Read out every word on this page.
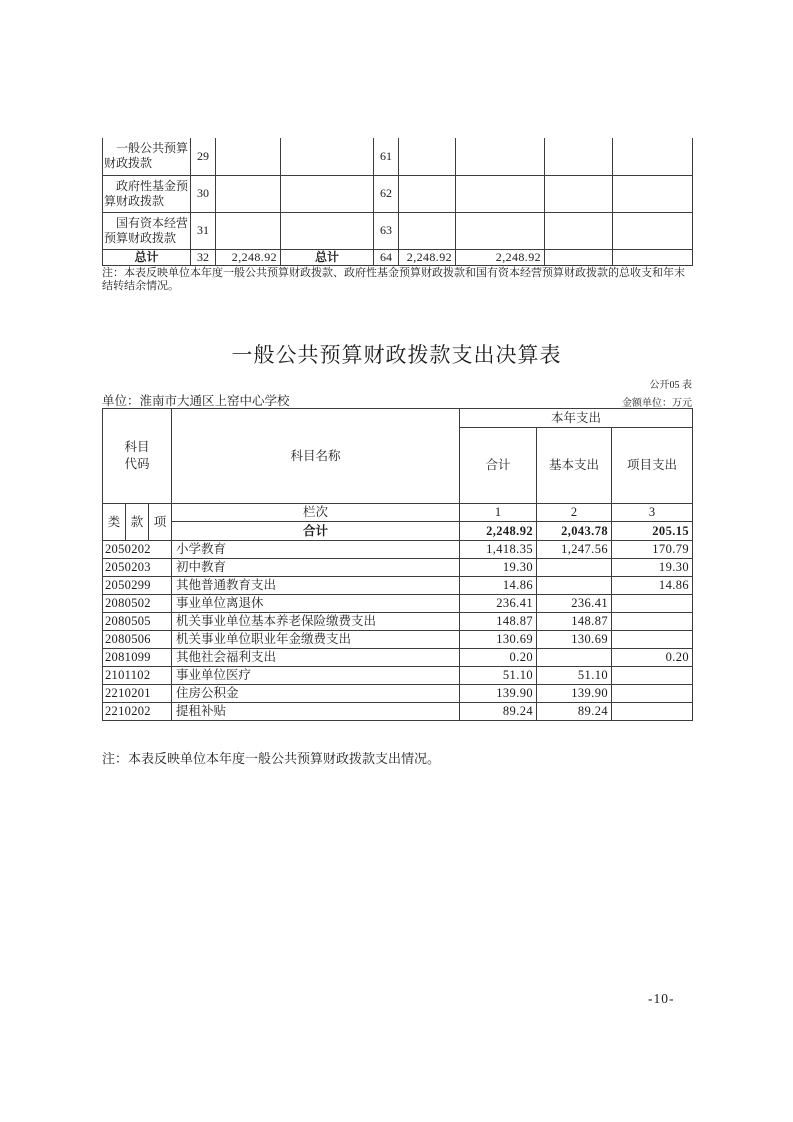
一般公共预算财政拨款	29			61				
政府性基金预算财政拨款	30			62				
国有资本经营预算财政拨款	31			63				
总计	32	2,248.92	总计	64	2,248.92	2,248.92		
注：本表反映单位本年度一般公共预算财政拨款、政府性基金预算财政拨款和国有资本经营预算财政拨款的总收支和年末结转结余情况。
一般公共预算财政拨款支出决算表
公开05 表
单位：淮南市大通区上窑中心学校	金额单位：万元
科目代码			科目名称	本年支出		
				合计	基本支出	项目支出
类	款	项	栏次	1	2	3
			合计	2,248.92	2,043.78	205.15
2050202			小学教育	1,418.35	1,247.56	170.79
2050203			初中教育	19.30		19.30
2050299			其他普通教育支出	14.86		14.86
2080502			事业单位离退休	236.41	236.41	
2080505			机关事业单位基本养老保险缴费支出	148.87	148.87	
2080506			机关事业单位职业年金缴费支出	130.69	130.69	
2081099			其他社会福利支出	0.20		0.20
2101102			事业单位医疗	51.10	51.10	
2210201			住房公积金	139.90	139.90	
2210202			提租补贴	89.24	89.24	
注：本表反映单位本年度一般公共预算财政拨款支出情况。
-10-
